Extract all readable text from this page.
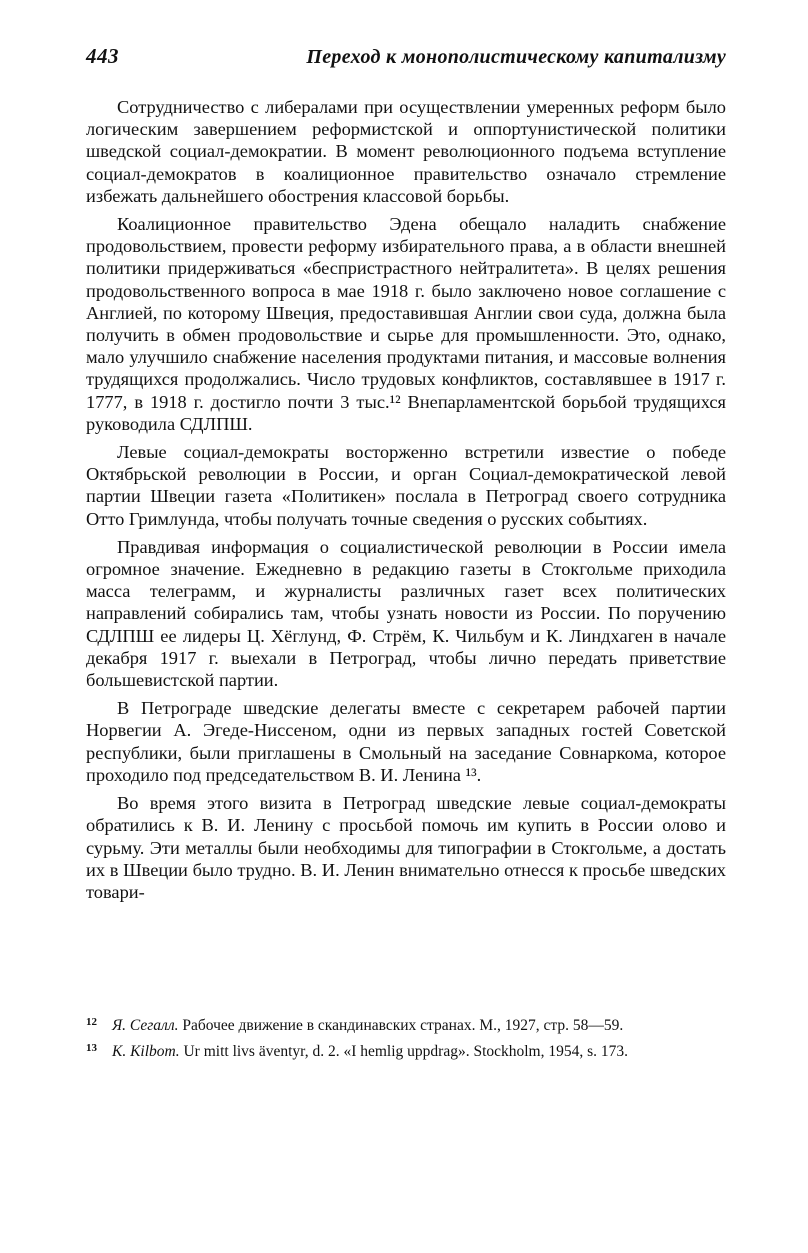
443	Переход к монополистическому капитализму

Сотрудничество с либералами при осуществлении умеренных реформ было логическим завершением реформистской и оппортунистической политики шведской социал-демократии. В момент революционного подъема вступление социал-демократов в коалиционное правительство означало стремление избежать дальнейшего обострения классовой борьбы.

Коалиционное правительство Эдена обещало наладить снабжение продовольствием, провести реформу избирательного права, а в области внешней политики придерживаться «беспристрастного нейтралитета». В целях решения продовольственного вопроса в мае 1918 г. было заключено новое соглашение с Англией, по которому Швеция, предоставившая Англии свои суда, должна была получить в обмен продовольствие и сырье для промышленности. Это, однако, мало улучшило снабжение населения продуктами питания, и массовые волнения трудящихся продолжались. Число трудовых конфликтов, составлявшее в 1917 г. 1777, в 1918 г. достигло почти 3 тыс.¹² Внепарламентской борьбой трудящихся руководила СДЛПШ.

Левые социал-демократы восторженно встретили известие о победе Октябрьской революции в России, и орган Социал-демократической левой партии Швеции газета «Политикен» послала в Петроград своего сотрудника Отто Гримлунда, чтобы получать точные сведения о русских событиях.

Правдивая информация о социалистической революции в России имела огромное значение. Ежедневно в редакцию газеты в Стокгольме приходила масса телеграмм, и журналисты различных газет всех политических направлений собирались там, чтобы узнать новости из России. По поручению СДЛПШ ее лидеры Ц. Хёглунд, Ф. Стрём, К. Чильбум и К. Линдхаген в начале декабря 1917 г. выехали в Петроград, чтобы лично передать приветствие большевистской партии.

В Петрограде шведские делегаты вместе с секретарем рабочей партии Норвегии А. Эгеде-Ниссеном, одни из первых западных гостей Советской республики, были приглашены в Смольный на заседание Совнаркома, которое проходило под председательством В. И. Ленина ¹³.

Во время этого визита в Петроград шведские левые социал-демократы обратились к В. И. Ленину с просьбой помочь им купить в России олово и сурьму. Эти металлы были необходимы для типографии в Стокгольме, а достать их в Швеции было трудно. В. И. Ленин внимательно отнесся к просьбе шведских товари-

12 Я. Сегалл. Рабочее движение в скандинавских странах. М., 1927, стр. 58—59.

13 K. Kilbom. Ur mitt livs äventyr, d. 2. «I hemlig uppdrag». Stockholm, 1954, s. 173.
